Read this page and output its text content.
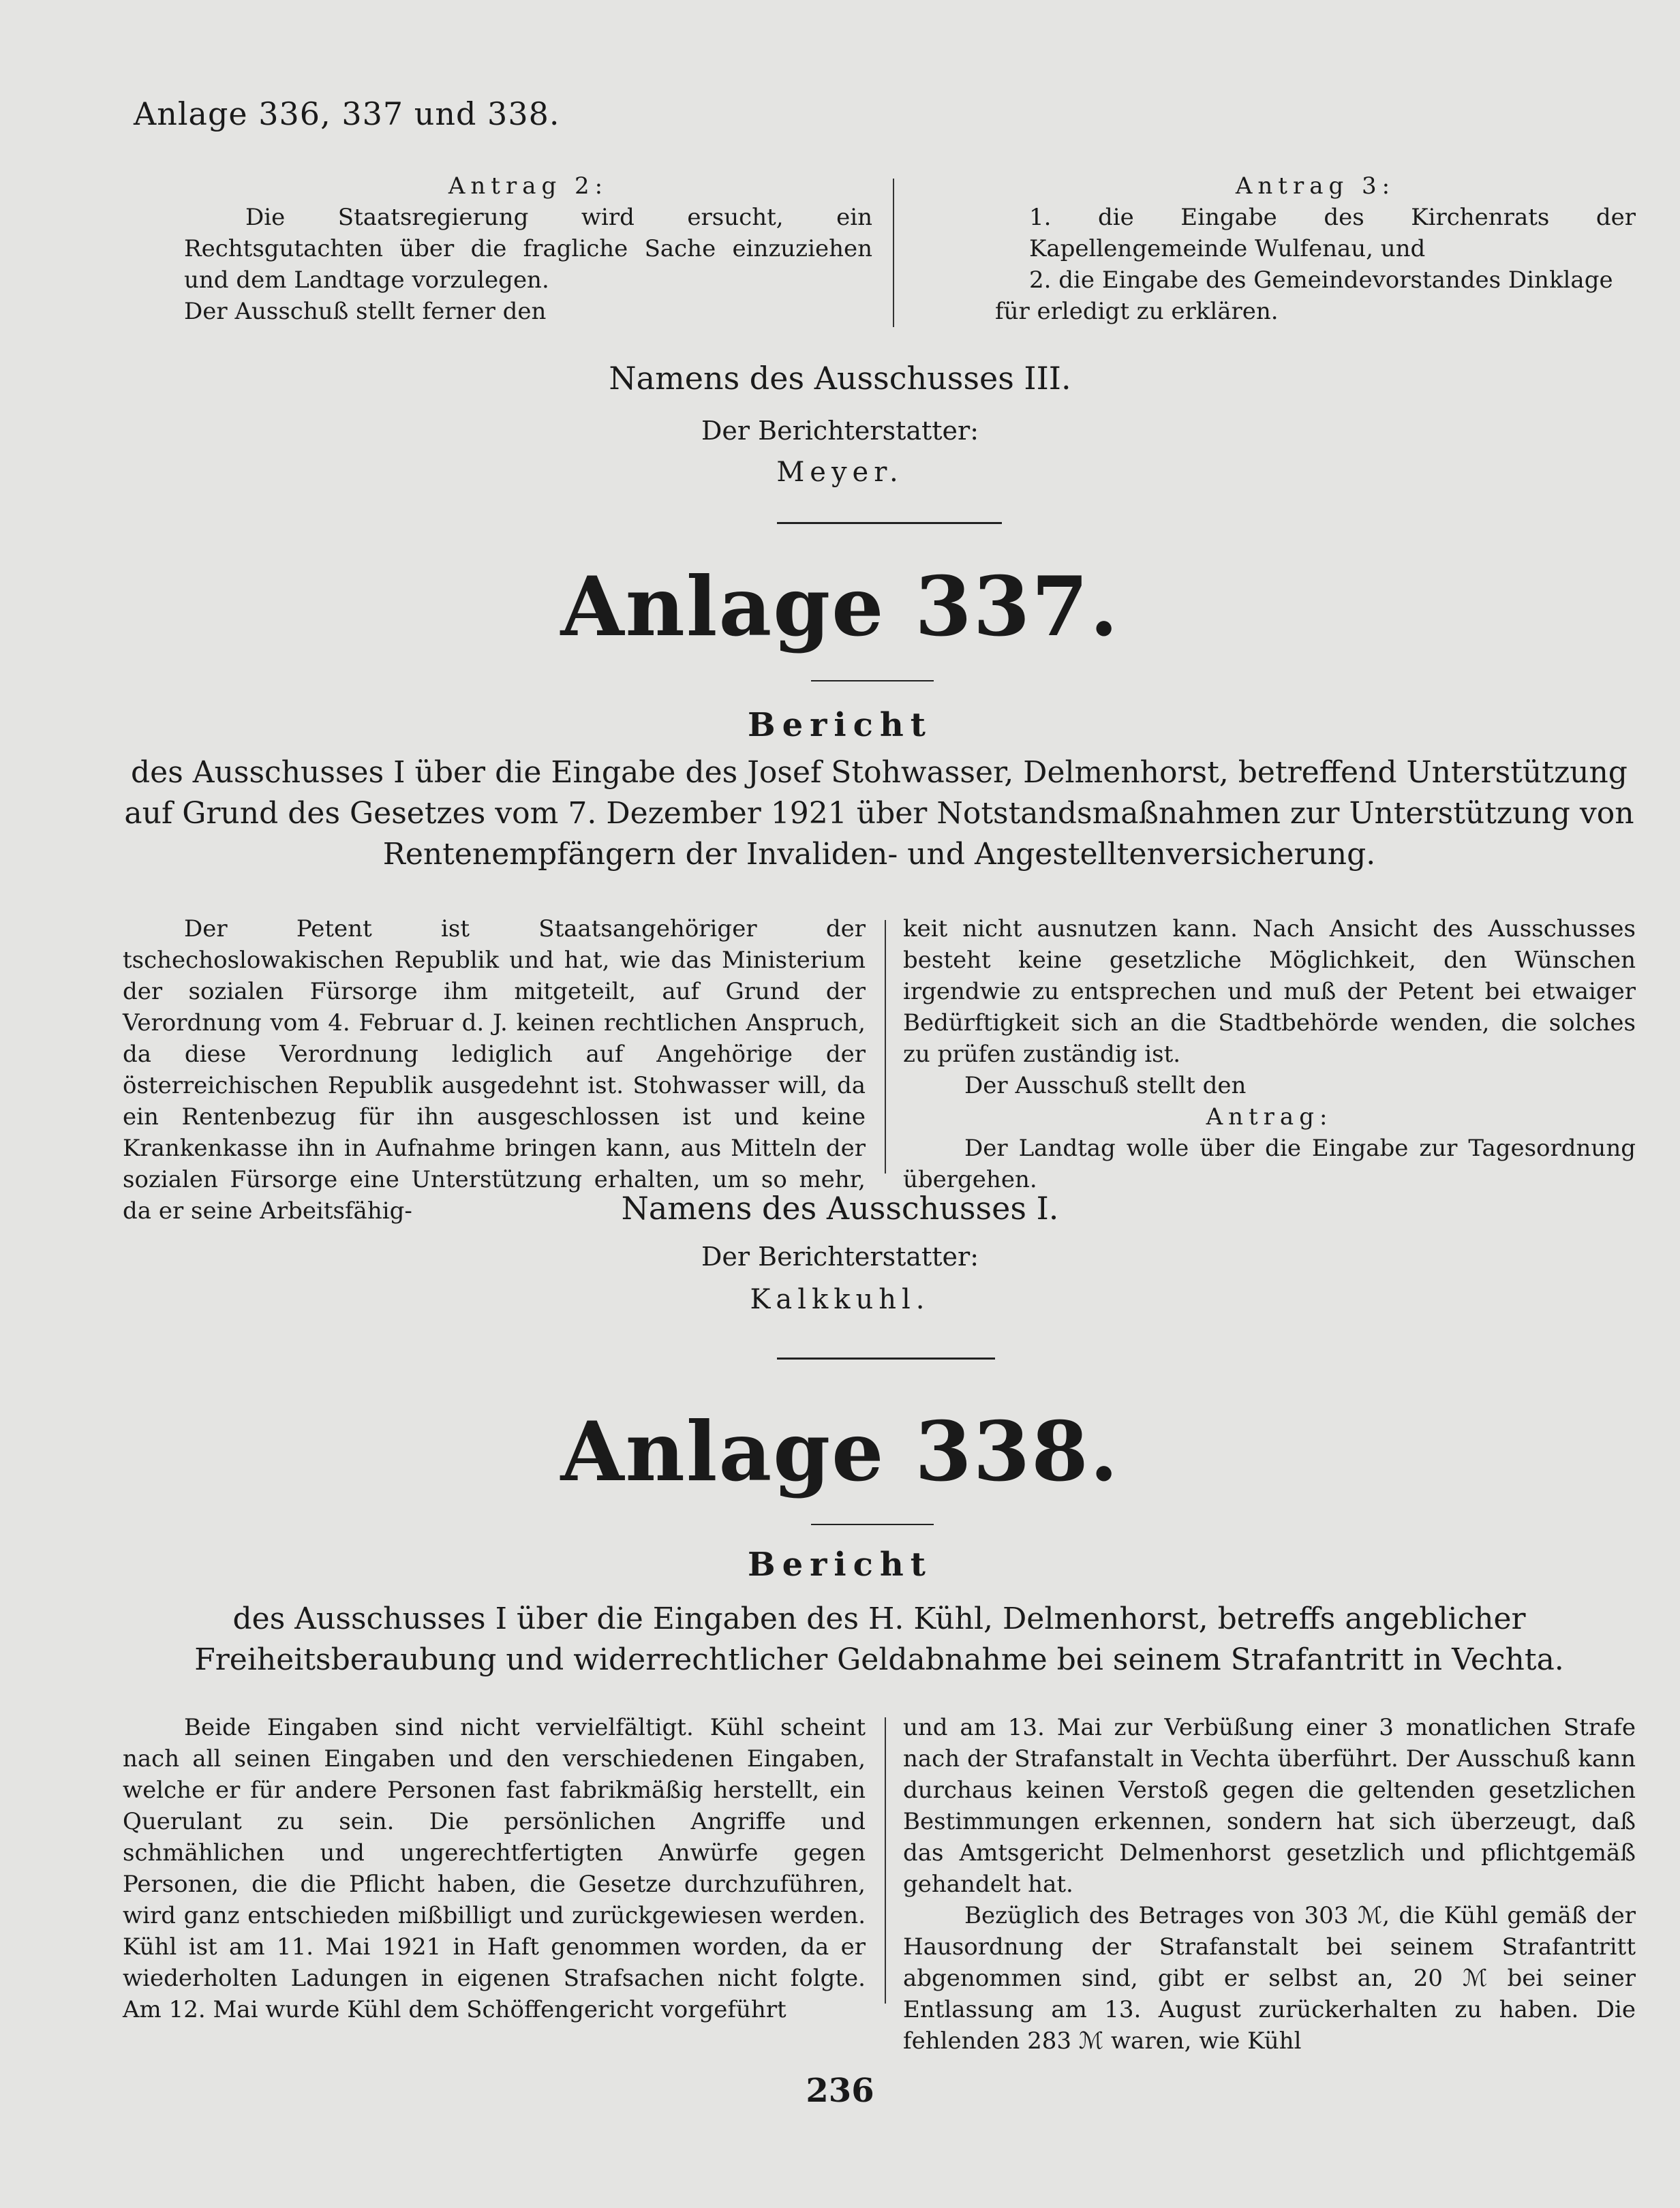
Anlage 336, 337 und 338.
Antrag 2:

Die Staatsregierung wird ersucht, ein Rechtsgutachten über die fragliche Sache einzuziehen und dem Landtage vorzulegen.

Der Ausschuß stellt ferner den

Antrag 3:

1. die Eingabe des Kirchenrats der Kapellengemeinde Wulfenau, und

2. die Eingabe des Gemeindevorstandes Dinklage

für erledigt zu erklären.

Namens des Ausschusses III.
Der Berichterstatter:
Meyer.
Anlage 337.
Bericht
des Ausschusses I über die Eingabe des Josef Stohwasser, Delmenhorst, betreffend Unterstützung auf Grund des Gesetzes vom 7. Dezember 1921 über Notstandsmaßnahmen zur Unterstützung von Rentenempfängern der Invaliden- und Angestelltenversicherung.

Der Petent ist Staatsangehöriger der tschechoslowakischen Republik und hat, wie das Ministerium der sozialen Fürsorge ihm mitgeteilt, auf Grund der Verordnung vom 4. Februar d. J. keinen rechtlichen Anspruch, da diese Verordnung lediglich auf Angehörige der österreichischen Republik ausgedehnt ist. Stohwasser will, da ein Rentenbezug für ihn ausgeschlossen ist und keine Krankenkasse ihn in Aufnahme bringen kann, aus Mitteln der sozialen Fürsorge eine Unterstützung erhalten, um so mehr, da er seine Arbeitsfähig-

keit nicht ausnutzen kann. Nach Ansicht des Ausschusses besteht keine gesetzliche Möglichkeit, den Wünschen irgendwie zu entsprechen und muß der Petent bei etwaiger Bedürftigkeit sich an die Stadtbehörde wenden, die solches zu prüfen zuständig ist.

Der Ausschuß stellt den

Antrag:

Der Landtag wolle über die Eingabe zur Tagesordnung übergehen.

Namens des Ausschusses I.
Der Berichterstatter:
Kalkkuhl.
Anlage 338.
Bericht
des Ausschusses I über die Eingaben des H. Kühl, Delmenhorst, betreffs angeblicher Freiheitsberaubung und widerrechtlicher Geldabnahme bei seinem Strafantritt in Vechta.

Beide Eingaben sind nicht vervielfältigt. Kühl scheint nach all seinen Eingaben und den verschiedenen Eingaben, welche er für andere Personen fast fabrikmäßig herstellt, ein Querulant zu sein. Die persönlichen Angriffe und schmählichen und ungerechtfertigten Anwürfe gegen Personen, die die Pflicht haben, die Gesetze durchzuführen, wird ganz entschieden mißbilligt und zurückgewiesen werden. Kühl ist am 11. Mai 1921 in Haft genommen worden, da er wiederholten Ladungen in eigenen Strafsachen nicht folgte. Am 12. Mai wurde Kühl dem Schöffengericht vorgeführt

und am 13. Mai zur Verbüßung einer 3 monatlichen Strafe nach der Strafanstalt in Vechta überführt. Der Ausschuß kann durchaus keinen Verstoß gegen die geltenden gesetzlichen Bestimmungen erkennen, sondern hat sich überzeugt, daß das Amtsgericht Delmenhorst gesetzlich und pflichtgemäß gehandelt hat.

Bezüglich des Betrages von 303 ℳ, die Kühl gemäß der Hausordnung der Strafanstalt bei seinem Strafantritt abgenommen sind, gibt er selbst an, 20 ℳ bei seiner Entlassung am 13. August zurückerhalten zu haben. Die fehlenden 283 ℳ waren, wie Kühl

236
